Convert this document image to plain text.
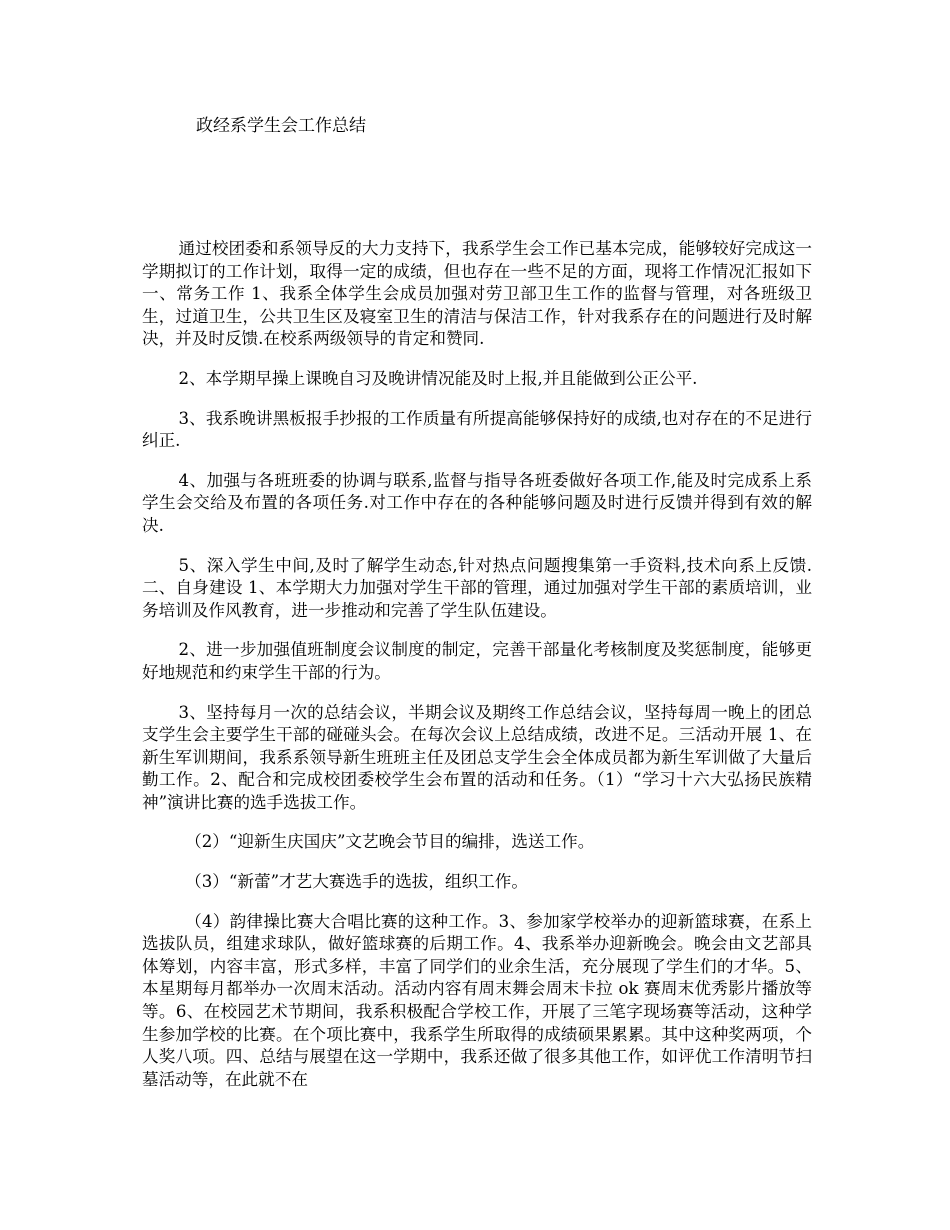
政经系学生会工作总结

通过校团委和系领导反的大力支持下，我系学生会工作已基本完成，能够较好完成这一学期拟订的工作计划，取得一定的成绩，但也存在一些不足的方面，现将工作情况汇报如下一、常务工作 1、我系全体学生会成员加强对劳卫部卫生工作的监督与管理，对各班级卫生，过道卫生，公共卫生区及寝室卫生的清洁与保洁工作，针对我系存在的问题进行及时解决，并及时反馈.在校系两级领导的肯定和赞同.

2、本学期早操上课晚自习及晚讲情况能及时上报,并且能做到公正公平.

3、我系晚讲黑板报手抄报的工作质量有所提高能够保持好的成绩,也对存在的不足进行纠正.

4、加强与各班班委的协调与联系,监督与指导各班委做好各项工作,能及时完成系上系学生会交给及布置的各项任务.对工作中存在的各种能够问题及时进行反馈并得到有效的解决.

5、深入学生中间,及时了解学生动态,针对热点问题搜集第一手资料,技术向系上反馈.二、自身建设 1、本学期大力加强对学生干部的管理，通过加强对学生干部的素质培训，业务培训及作风教育，进一步推动和完善了学生队伍建设。

2、进一步加强值班制度会议制度的制定，完善干部量化考核制度及奖惩制度，能够更好地规范和约束学生干部的行为。

3、坚持每月一次的总结会议，半期会议及期终工作总结会议，坚持每周一晚上的团总支学生会主要学生干部的碰碰头会。在每次会议上总结成绩，改进不足。三活动开展 1、在新生军训期间，我系系领导新生班班主任及团总支学生会全体成员都为新生军训做了大量后勤工作。2、配合和完成校团委校学生会布置的活动和任务。（1）“学习十六大弘扬民族精神”演讲比赛的选手选拔工作。

（2）“迎新生庆国庆”文艺晚会节目的编排，选送工作。

（3）“新蕾”才艺大赛选手的选拔，组织工作。

（4）韵律操比赛大合唱比赛的这种工作。3、参加家学校举办的迎新篮球赛，在系上选拔队员，组建求球队，做好篮球赛的后期工作。4、我系举办迎新晚会。晚会由文艺部具体筹划，内容丰富，形式多样，丰富了同学们的业余生活，充分展现了学生们的才华。5、本星期每月都举办一次周末活动。活动内容有周末舞会周末卡拉 ok 赛周末优秀影片播放等等。6、在校园艺术节期间，我系积极配合学校工作，开展了三笔字现场赛等活动，这种学生参加学校的比赛。在个项比赛中，我系学生所取得的成绩硕果累累。其中这种奖两项，个人奖八项。四、总结与展望在这一学期中，我系还做了很多其他工作，如评优工作清明节扫墓活动等，在此就不在
